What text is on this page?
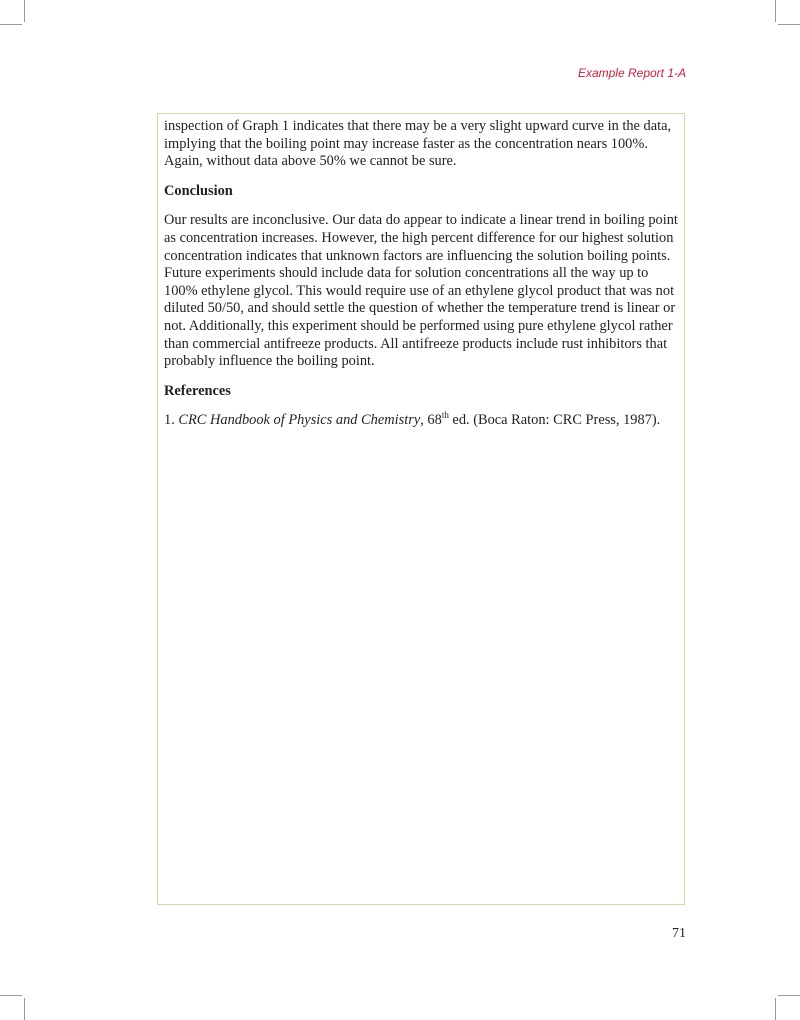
Example Report 1-A

inspection of Graph 1 indicates that there may be a very slight upward curve in the data, implying that the boiling point may increase faster as the concentration nears 100%. Again, without data above 50% we cannot be sure.

Conclusion

Our results are inconclusive. Our data do appear to indicate a linear trend in boiling point as concentration increases. However, the high percent difference for our highest solution concentration indicates that unknown factors are influencing the solution boiling points. Future experiments should include data for solution concentrations all the way up to 100% ethylene glycol. This would require use of an ethylene glycol product that was not diluted 50/50, and should settle the question of whether the temperature trend is linear or not. Additionally, this experiment should be performed using pure ethylene glycol rather than commercial antifreeze products. All antifreeze products include rust inhibitors that probably influence the boiling point.

References

1. CRC Handbook of Physics and Chemistry, 68th ed. (Boca Raton: CRC Press, 1987).

71
